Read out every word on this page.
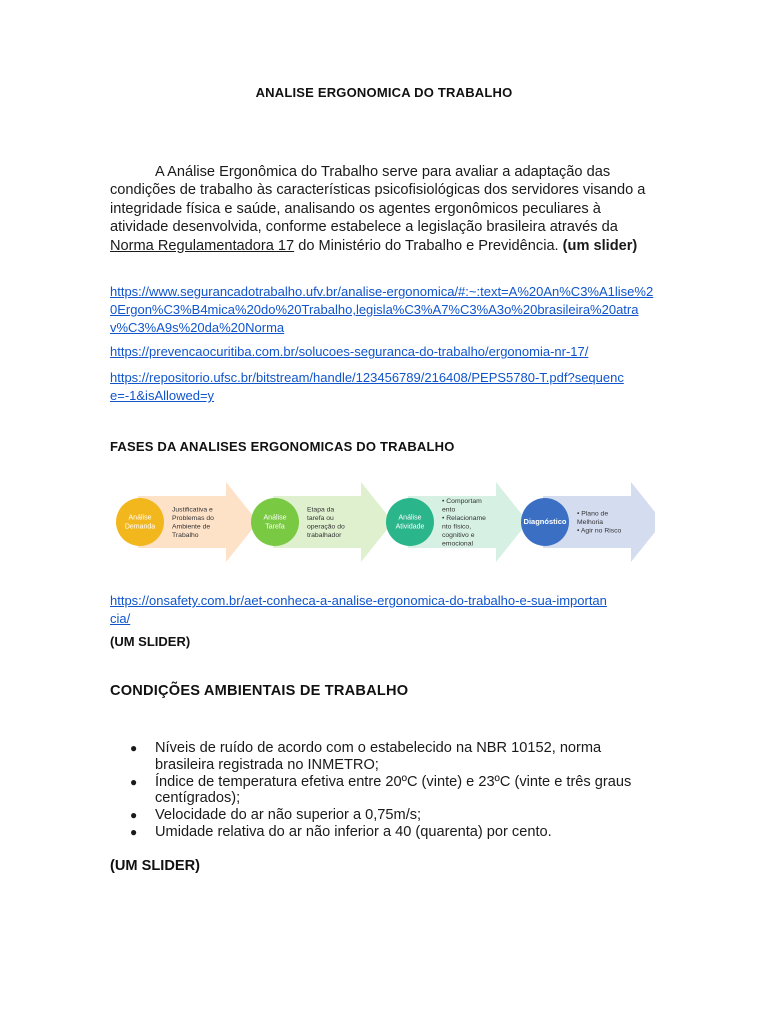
ANALISE ERGONOMICA DO TRABALHO
A Análise Ergonômica do Trabalho serve para avaliar a adaptação das condições de trabalho às características psicofisiológicas dos servidores visando a integridade física e saúde, analisando os agentes ergonômicos peculiares à atividade desenvolvida, conforme estabelece a legislação brasileira através da Norma Regulamentadora 17 do Ministério do Trabalho e Previdência. (um slider)
https://www.segurancadotrabalho.ufv.br/analise-ergonomica/#:~:text=A%20An%C3%A1lise%20Ergon%C3%B4mica%20do%20Trabalho,legisla%C3%A7%C3%A3o%20brasileira%20atrav%C3%A9s%20da%20Norma
https://prevencaocuritiba.com.br/solucoes-seguranca-do-trabalho/ergonomia-nr-17/
https://repositorio.ufsc.br/bitstream/handle/123456789/216408/PEPS5780-T.pdf?sequence=-1&isAllowed=y
FASES DA ANALISES ERGONOMICAS DO TRABALHO
Análise
Demanda
Justificativa e
Problemas do
Ambiente de
Trabalho
Análise
Tarefa
Etapa da
tarefa ou
operação do
trabalhador
Análise
Atividade
• Comportam
ento
• Relacioname
nto físico,
cognitivo e
emocional
Diagnóstico
• Plano de
Melhoria
• Agir no Risco
https://onsafety.com.br/aet-conheca-a-analise-ergonomica-do-trabalho-e-sua-importancia/
(UM SLIDER)
CONDIÇÕES AMBIENTAIS DE TRABALHO
● Níveis de ruído de acordo com o estabelecido na NBR 10152, norma brasileira registrada no INMETRO;
● Índice de temperatura efetiva entre 20ºC (vinte) e 23ºC (vinte e três graus centígrados);
● Velocidade do ar não superior a 0,75m/s;
● Umidade relativa do ar não inferior a 40 (quarenta) por cento.
(UM SLIDER)
